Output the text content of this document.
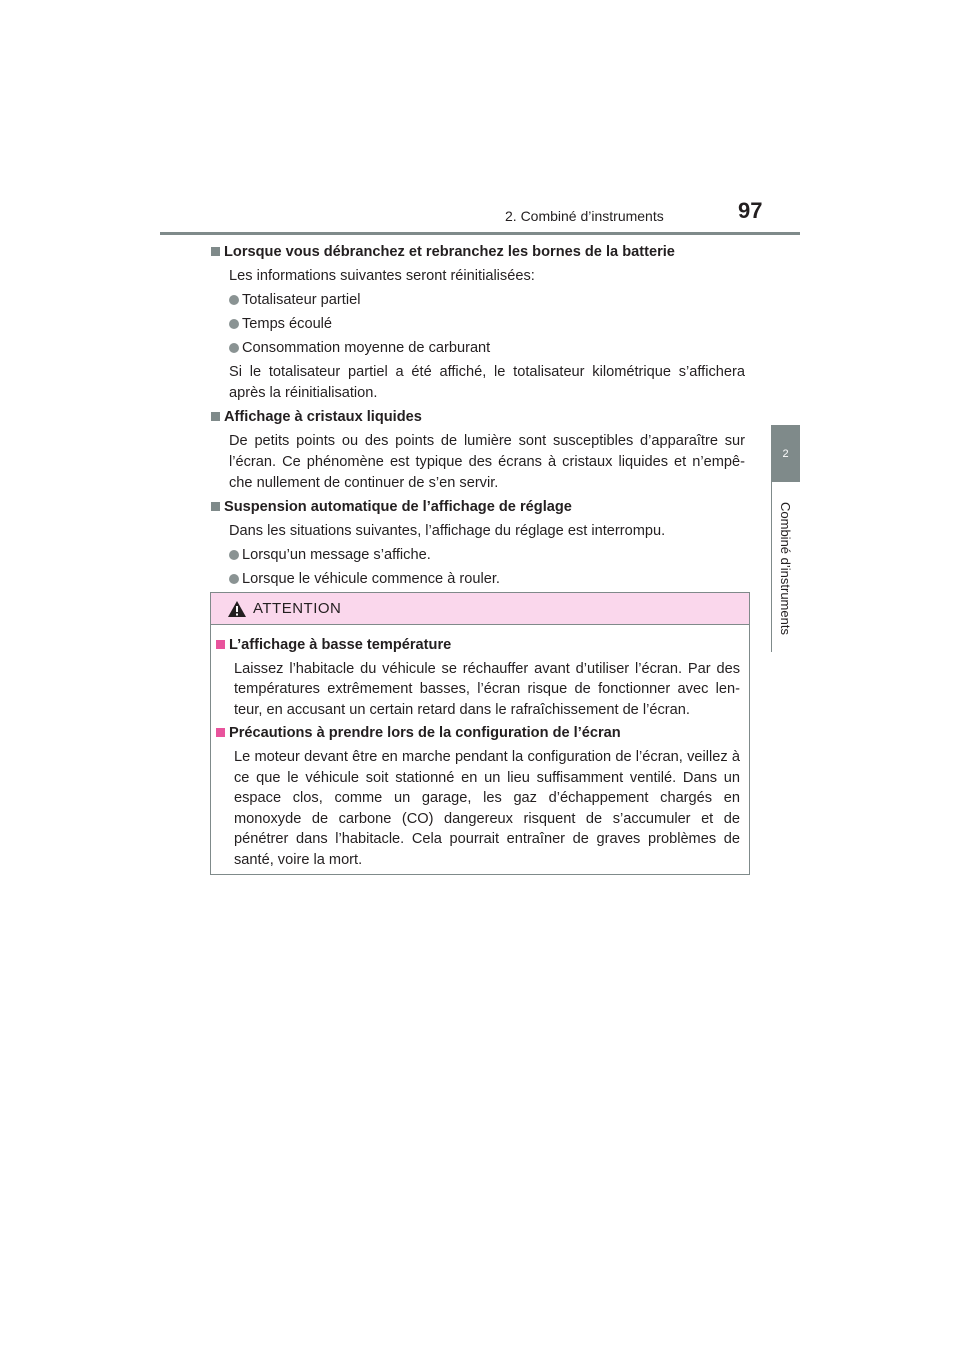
2. Combiné d’instruments	97
2
Combiné d’instruments
Lorsque vous débranchez et rebranchez les bornes de la batterie
Les informations suivantes seront réinitialisées:
Totalisateur partiel
Temps écoulé
Consommation moyenne de carburant
Si le totalisateur partiel a été affiché, le totalisateur kilométrique s’affichera après la réinitialisation.
Affichage à cristaux liquides
De petits points ou des points de lumière sont susceptibles d’apparaître sur l’écran. Ce phénomène est typique des écrans à cristaux liquides et n’empê-che nullement de continuer de s’en servir.
Suspension automatique de l’affichage de réglage
Dans les situations suivantes, l’affichage du réglage est interrompu.
Lorsqu’un message s’affiche.
Lorsque le véhicule commence à rouler.
ATTENTION
L’affichage à basse température
Laissez l’habitacle du véhicule se réchauffer avant d’utiliser l’écran. Par des températures extrêmement basses, l’écran risque de fonctionner avec len-teur, en accusant un certain retard dans le rafraîchissement de l’écran.
Précautions à prendre lors de la configuration de l’écran
Le moteur devant être en marche pendant la configuration de l’écran, veillez à ce que le véhicule soit stationné en un lieu suffisamment ventilé. Dans un espace clos, comme un garage, les gaz d’échappement chargés en monoxyde de carbone (CO) dangereux risquent de s’accumuler et de pénétrer dans l’habitacle. Cela pourrait entraîner de graves problèmes de santé, voire la mort.
